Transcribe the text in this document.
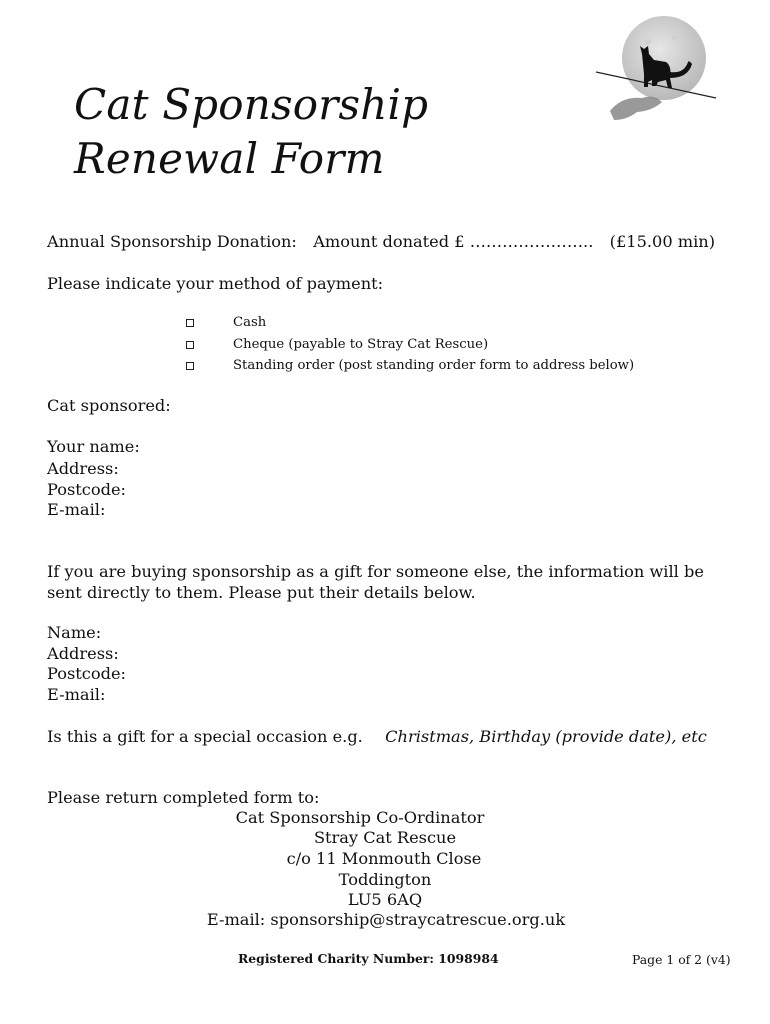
Cat Sponsorship
Renewal Form
Annual Sponsorship Donation: Amount donated £ ………………….. (£15.00 min)
Please indicate your method of payment:
Cash
Cheque (payable to Stray Cat Rescue)
Standing order (post standing order form to address below)
Cat sponsored:
Your name:
Address:
Postcode:
E-mail:
If you are buying sponsorship as a gift for someone else, the information will be
sent directly to them. Please put their details below.
Name:
Address:
Postcode:
E-mail:
Is this a gift for a special occasion e.g. Christmas, Birthday (provide date), etc
Please return completed form to:
Cat Sponsorship Co-Ordinator
Stray Cat Rescue
c/o 11 Monmouth Close
Toddington
LU5 6AQ
E-mail: sponsorship@straycatrescue.org.uk
Registered Charity Number: 1098984	Page 1 of 2 (v4)
